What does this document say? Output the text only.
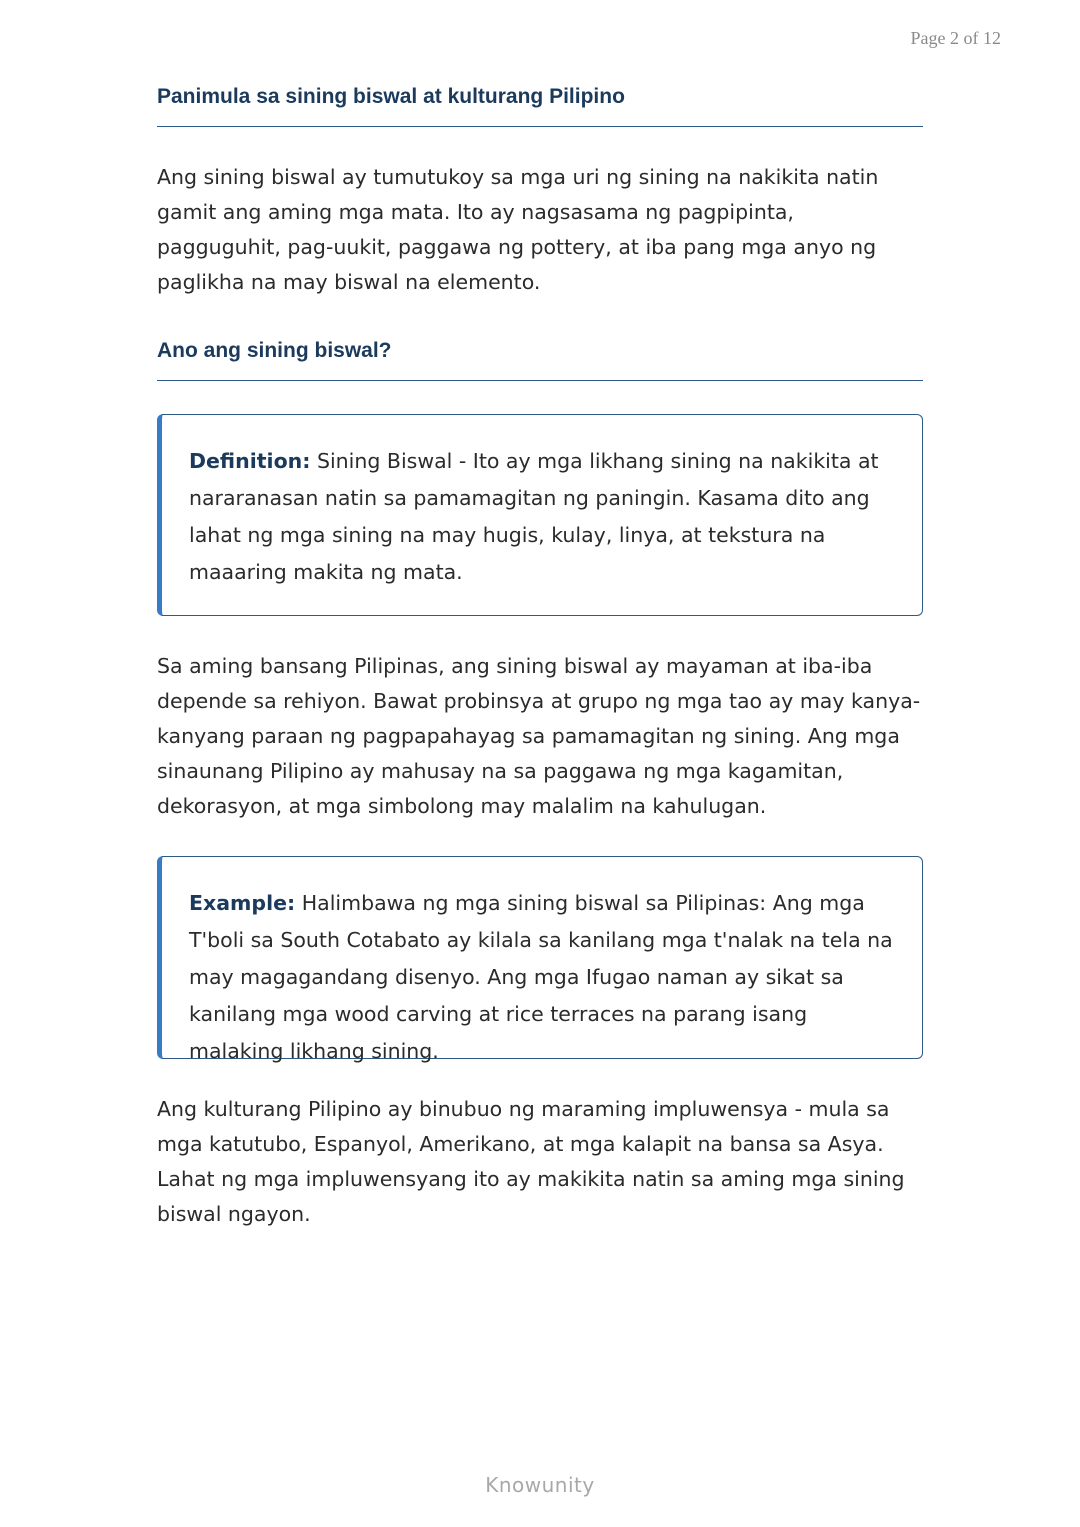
Page 2 of 12
Panimula sa sining biswal at kulturang Pilipino

Ang sining biswal ay tumutukoy sa mga uri ng sining na nakikita natin gamit ang aming mga mata. Ito ay nagsasama ng pagpipinta, pagguguhit, pag-uukit, paggawa ng pottery, at iba pang mga anyo ng paglikha na may biswal na elemento.

Ano ang sining biswal?

Sa aming bansang Pilipinas, ang sining biswal ay mayaman at iba-iba depende sa rehiyon. Bawat probinsya at grupo ng mga tao ay may kanya-kanyang paraan ng pagpapahayag sa pamamagitan ng sining. Ang mga sinaunang Pilipino ay mahusay na sa paggawa ng mga kagamitan, dekorasyon, at mga simbolong may malalim na kahulugan.

Ang kulturang Pilipino ay binubuo ng maraming impluwensya - mula sa mga katutubo, Espanyol, Amerikano, at mga kalapit na bansa sa Asya. Lahat ng mga impluwensyang ito ay makikita natin sa aming mga sining biswal ngayon.

Definition: Sining Biswal - Ito ay mga likhang sining na nakikita at nararanasan natin sa pamamagitan ng paningin. Kasama dito ang lahat ng mga sining na may hugis, kulay, linya, at tekstura na maaaring makita ng mata.

Example: Halimbawa ng mga sining biswal sa Pilipinas: Ang mga T'boli sa South Cotabato ay kilala sa kanilang mga t'nalak na tela na may magagandang disenyo. Ang mga Ifugao naman ay sikat sa kanilang mga wood carving at rice terraces na parang isang malaking likhang sining.

Knowunity
